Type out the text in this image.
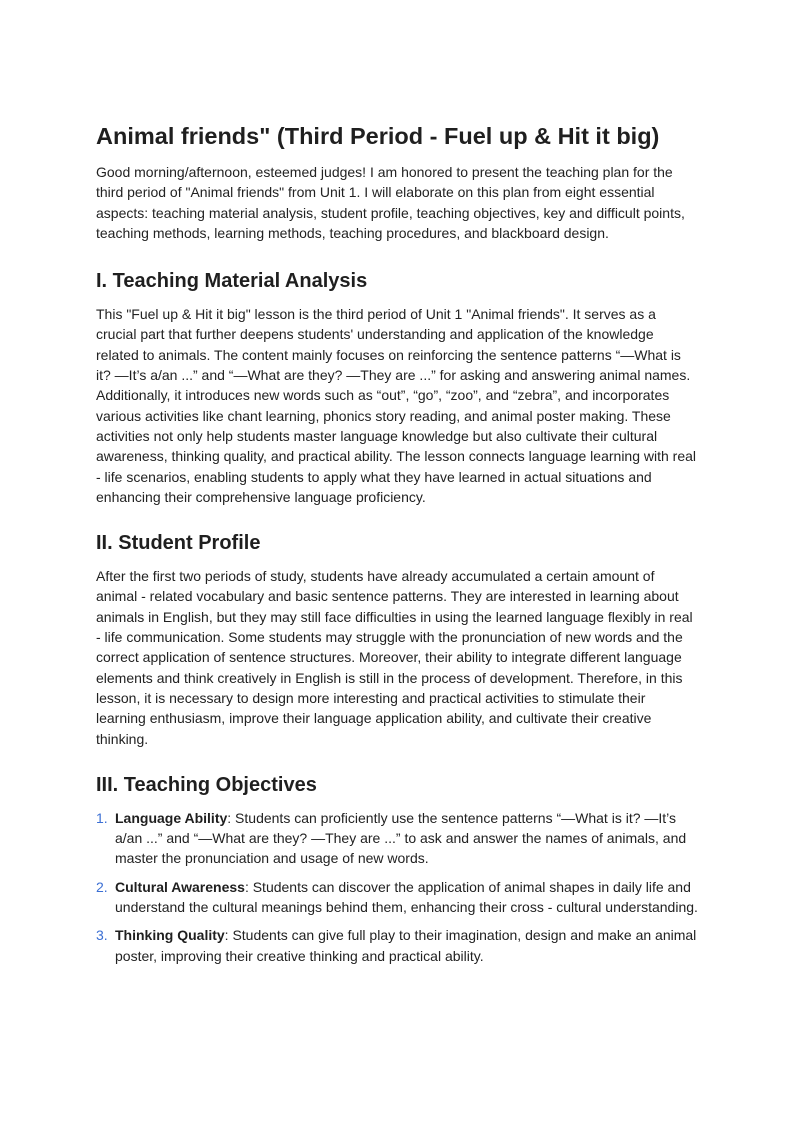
Animal friends" (Third Period - Fuel up & Hit it big)

Good morning/afternoon, esteemed judges! I am honored to present the teaching plan for the third period of "Animal friends" from Unit 1. I will elaborate on this plan from eight essential aspects: teaching material analysis, student profile, teaching objectives, key and difficult points, teaching methods, learning methods, teaching procedures, and blackboard design.

I. Teaching Material Analysis

This "Fuel up & Hit it big" lesson is the third period of Unit 1 "Animal friends". It serves as a crucial part that further deepens students' understanding and application of the knowledge related to animals. The content mainly focuses on reinforcing the sentence patterns “—What is it? —It’s a/an ...” and “—What are they? —They are ...” for asking and answering animal names. Additionally, it introduces new words such as “out”, “go”, “zoo”, and “zebra”, and incorporates various activities like chant learning, phonics story reading, and animal poster making. These activities not only help students master language knowledge but also cultivate their cultural awareness, thinking quality, and practical ability. The lesson connects language learning with real - life scenarios, enabling students to apply what they have learned in actual situations and enhancing their comprehensive language proficiency.

II. Student Profile

After the first two periods of study, students have already accumulated a certain amount of animal - related vocabulary and basic sentence patterns. They are interested in learning about animals in English, but they may still face difficulties in using the learned language flexibly in real - life communication. Some students may struggle with the pronunciation of new words and the correct application of sentence structures. Moreover, their ability to integrate different language elements and think creatively in English is still in the process of development. Therefore, in this lesson, it is necessary to design more interesting and practical activities to stimulate their learning enthusiasm, improve their language application ability, and cultivate their creative thinking.

III. Teaching Objectives
1. Language Ability: Students can proficiently use the sentence patterns “—What is it? —It’s a/an ...” and “—What are they? —They are ...” to ask and answer the names of animals, and master the pronunciation and usage of new words.
2. Cultural Awareness: Students can discover the application of animal shapes in daily life and understand the cultural meanings behind them, enhancing their cross - cultural understanding.
3. Thinking Quality: Students can give full play to their imagination, design and make an animal poster, improving their creative thinking and practical ability.
